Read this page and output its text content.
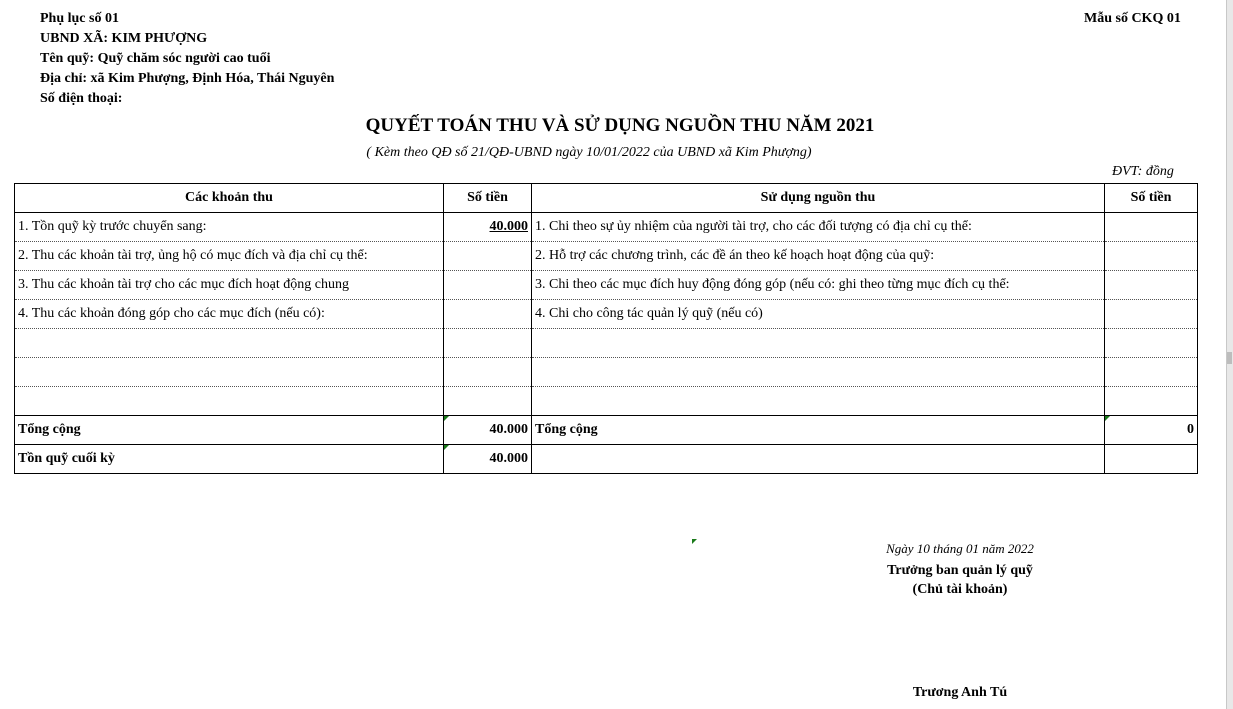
Phụ lục số 01	Mẫu số CKQ 01
UBND XÃ: KIM PHƯỢNG
Tên quỹ: Quỹ chăm sóc người cao tuổi
Địa chỉ: xã Kim Phượng, Định Hóa, Thái Nguyên
Số điện thoại:
QUYẾT TOÁN THU VÀ SỬ DỤNG NGUỒN THU NĂM 2021
( Kèm theo QĐ số 21/QĐ-UBND ngày 10/01/2022 của UBND xã Kim Phượng)
ĐVT: đồng
Các khoản thu	Số tiền	Sử dụng nguồn thu	Số tiền
1. Tồn quỹ kỳ trước chuyển sang:	40.000	1. Chi theo sự ủy nhiệm của người tài trợ, cho các đối tượng có địa chỉ cụ thể:	
2. Thu các khoản tài trợ, ủng hộ có mục đích và địa chỉ cụ thể:		2. Hỗ trợ các chương trình, các đề án theo kế hoạch hoạt động của quỹ:	
3. Thu các khoản tài trợ cho các mục đích hoạt động chung		3. Chi theo các mục đích huy động đóng góp (nếu có: ghi theo từng mục đích cụ thể:	
4. Thu các khoản đóng góp cho các mục đích (nếu có):		4. Chi cho công tác quản lý quỹ (nếu có)	

Tổng cộng	40.000	Tổng cộng	0
Tồn quỹ cuối kỳ	40.000		
Ngày 10 tháng 01 năm 2022
Trưởng ban quản lý quỹ
(Chủ tài khoản)
Trương Anh Tú
